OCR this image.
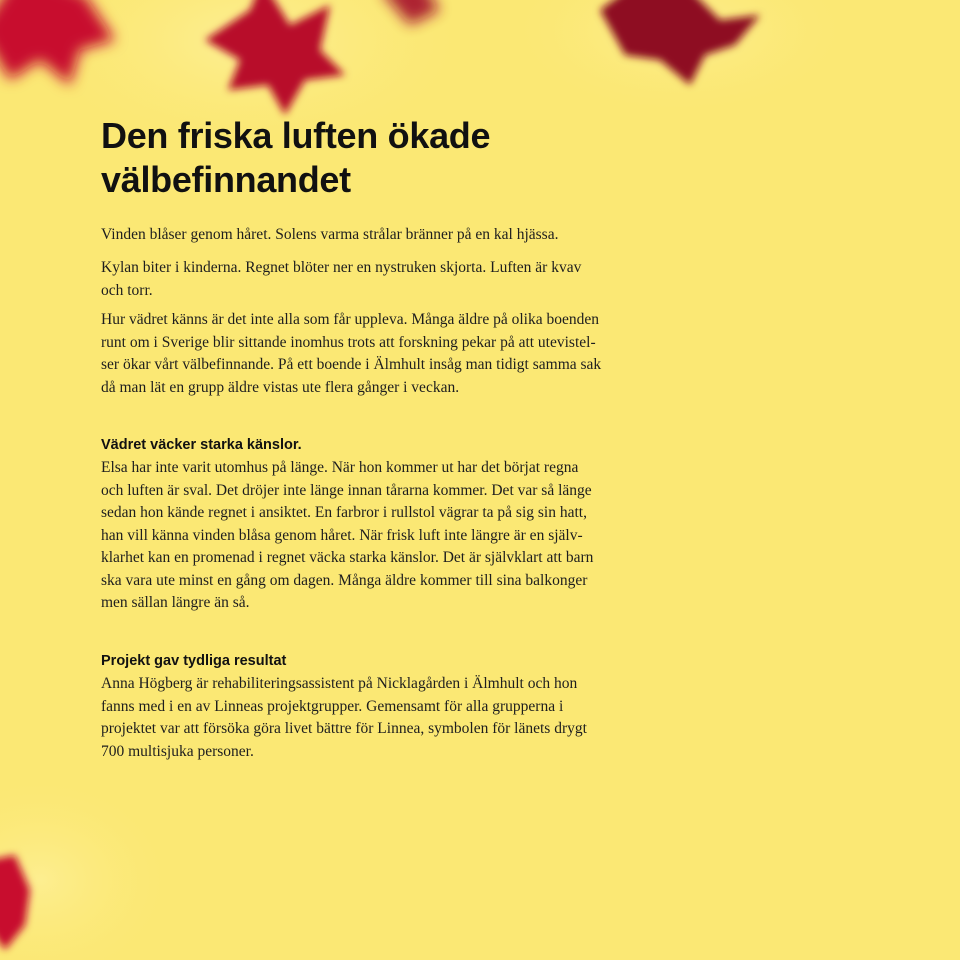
Den friska luften ökade
välbefinnandet

Vinden blåser genom håret. Solens varma strålar bränner på en kal hjässa.

Kylan biter i kinderna. Regnet blöter ner en nystruken skjorta. Luften är kvav
och torr.

Hur vädret känns är det inte alla som får uppleva. Många äldre på olika boenden
runt om i Sverige blir sittande inomhus trots att forskning pekar på att utevistel-
ser ökar vårt välbefinnande. På ett boende i Älmhult insåg man tidigt samma sak
då man lät en grupp äldre vistas ute flera gånger i veckan.

Vädret väcker starka känslor.

Elsa har inte varit utomhus på länge. När hon kommer ut har det börjat regna
och luften är sval. Det dröjer inte länge innan tårarna kommer. Det var så länge
sedan hon kände regnet i ansiktet. En farbror i rullstol vägrar ta på sig sin hatt,
han vill känna vinden blåsa genom håret. När frisk luft inte längre är en själv-
klarhet kan en promenad i regnet väcka starka känslor. Det är självklart att barn
ska vara ute minst en gång om dagen. Många äldre kommer till sina balkonger
men sällan längre än så.

Projekt gav tydliga resultat

Anna Högberg är rehabiliteringsassistent på Nicklagården i Älmhult och hon
fanns med i en av Linneas projektgrupper. Gemensamt för alla grupperna i
projektet var att försöka göra livet bättre för Linnea, symbolen för länets drygt
700 multisjuka personer.
